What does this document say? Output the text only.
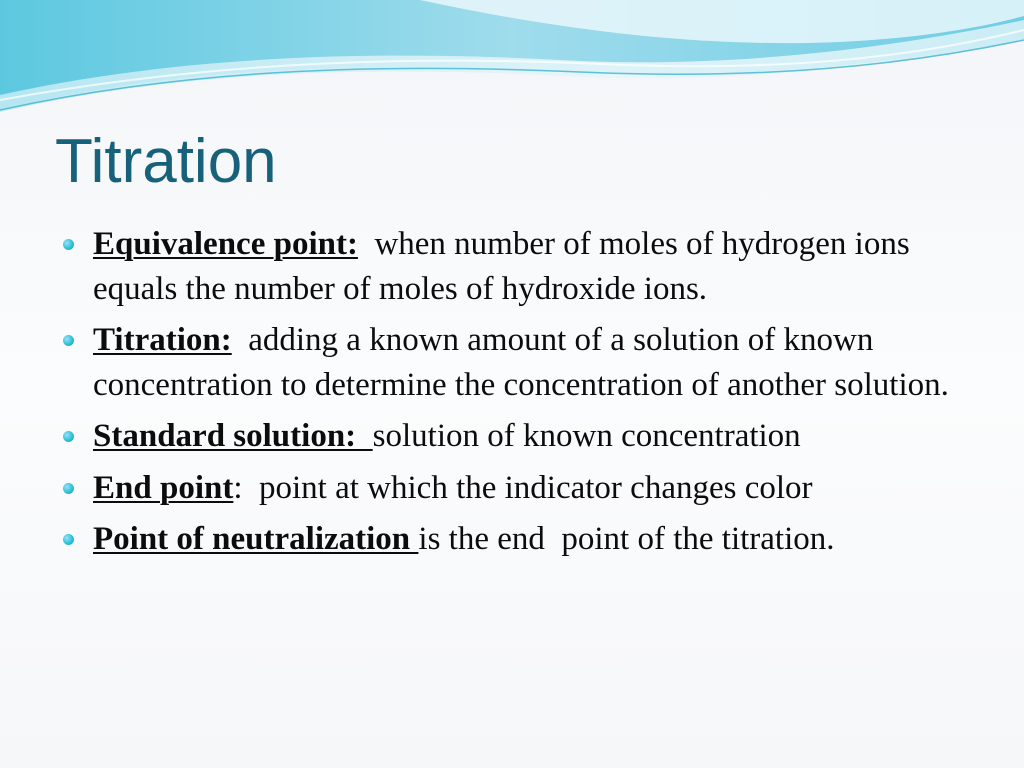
Titration
Equivalence point:  when number of moles of hydrogen ions equals the number of moles of hydroxide ions.
Titration:  adding a known amount of a solution of known concentration to determine the concentration of another solution.
Standard solution:  solution of known concentration
End point:  point at which the indicator changes color
Point of neutralization is the end  point of the titration.
